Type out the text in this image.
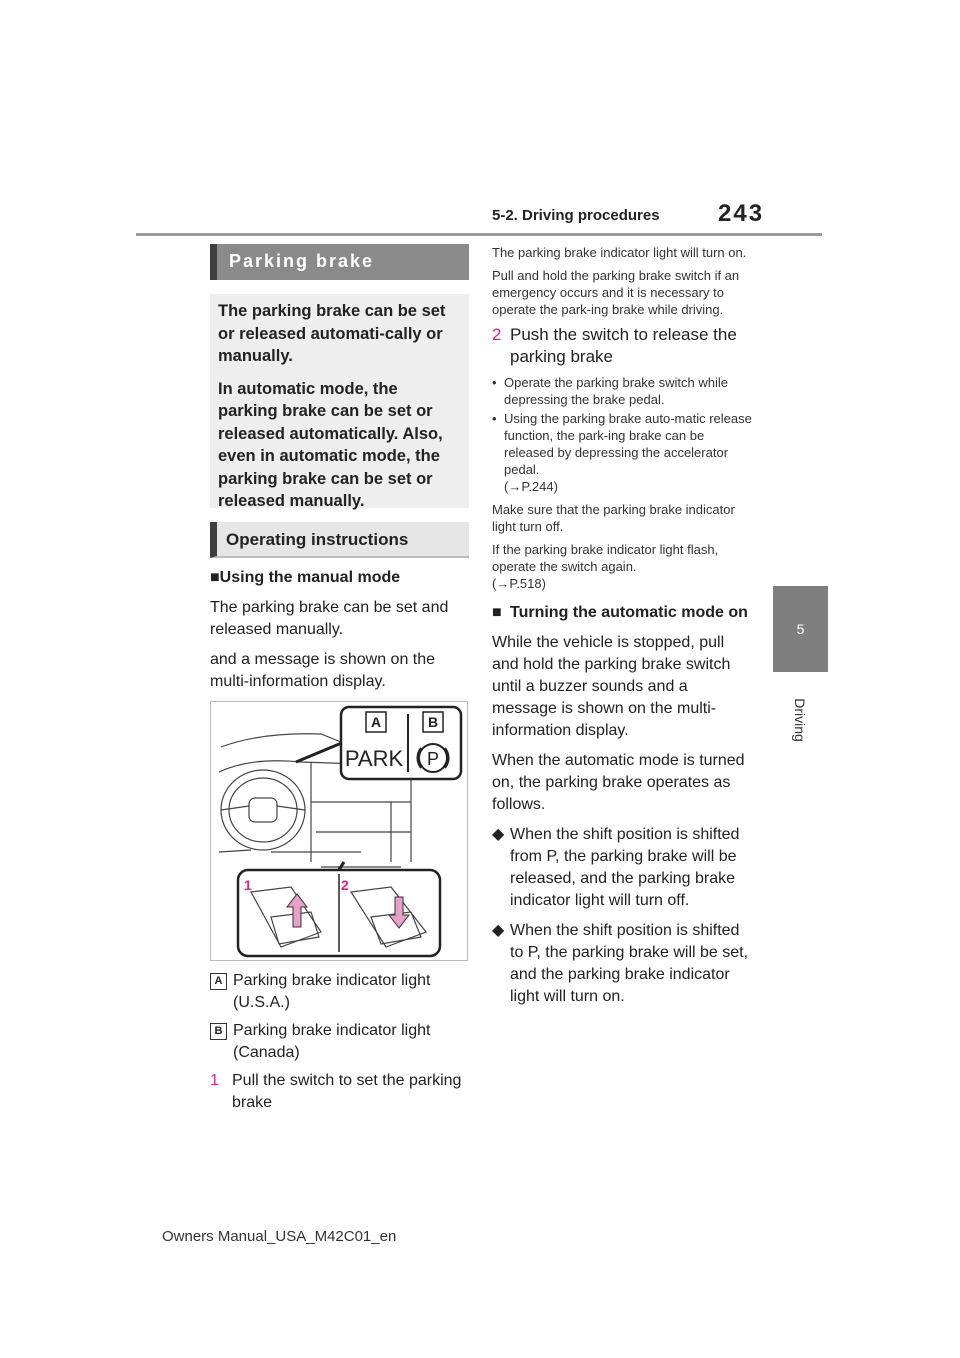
5-2. Driving procedures 243
5
Driving
Parking brake

The parking brake can be set or released automati-cally or manually.

In automatic mode, the parking brake can be set or released automatically. Also, even in automatic mode, the parking brake can be set or released manually.

Operating instructions
■Using the manual mode
The parking brake can be set and released manually.
and a message is shown on the multi-information display.
A	B
PARK P
1	2
A Parking brake indicator light (U.S.A.)
B Parking brake indicator light (Canada)
1 Pull the switch to set the parking brake
The parking brake indicator light will turn on.
Pull and hold the parking brake switch if an emergency occurs and it is necessary to operate the park-ing brake while driving.
2 Push the switch to release the parking brake
• Operate the parking brake switch while depressing the brake pedal.
• Using the parking brake auto-matic release function, the park-ing brake can be released by depressing the accelerator pedal.
(→P.244)
Make sure that the parking brake indicator light turn off.
If the parking brake indicator light flash, operate the switch again.
(→P.518)
■ Turning the automatic mode on
While the vehicle is stopped, pull and hold the parking brake switch until a buzzer sounds and a message is shown on the multi-information display.
When the automatic mode is turned on, the parking brake operates as follows.
◆ When the shift position is shifted from P, the parking brake will be released, and the parking brake indicator light will turn off.
◆ When the shift position is shifted to P, the parking brake will be set, and the parking brake indicator light will turn on.
Owners Manual_USA_M42C01_en
